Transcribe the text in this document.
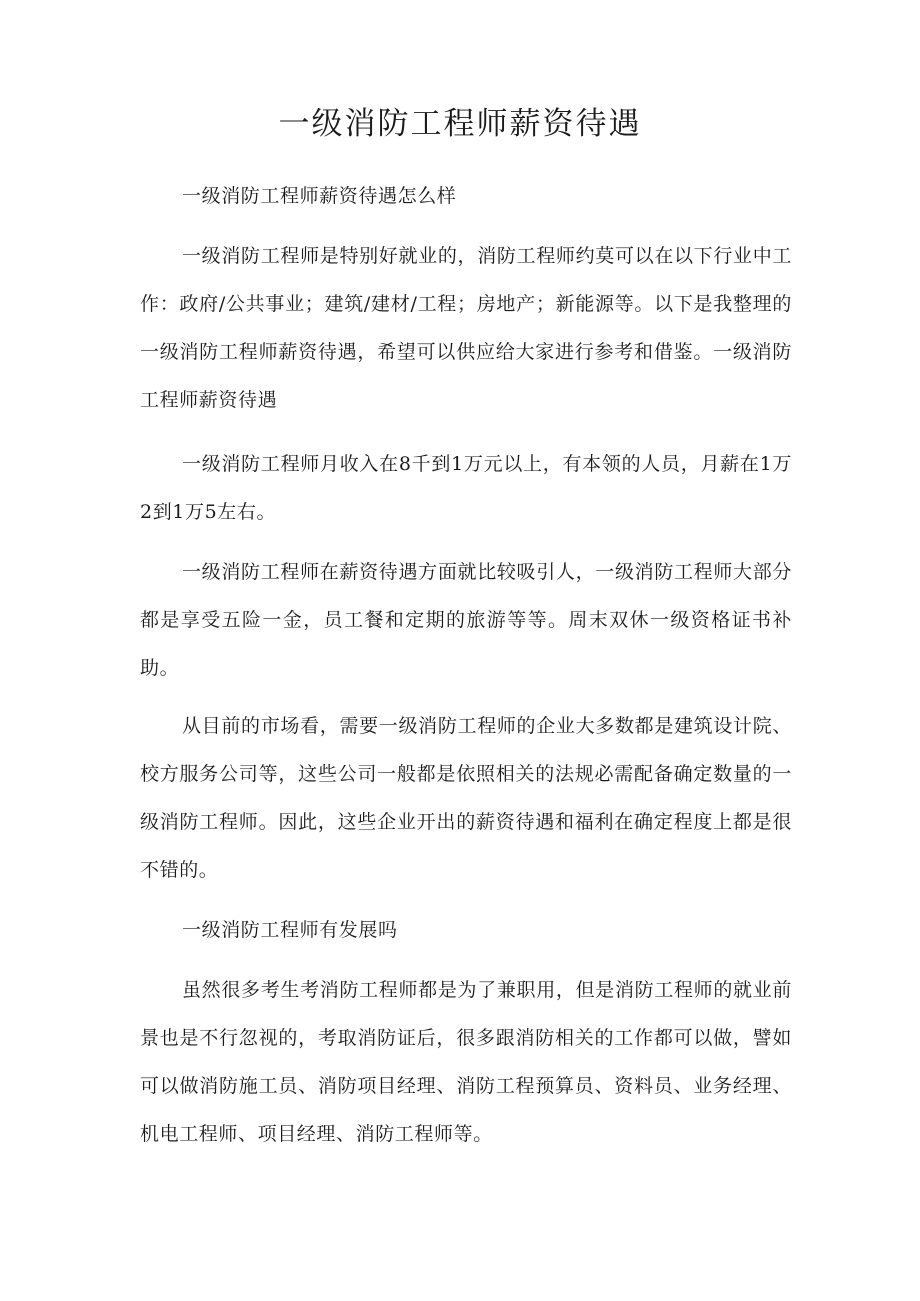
一级消防工程师薪资待遇

一级消防工程师薪资待遇怎么样

一级消防工程师是特别好就业的，消防工程师约莫可以在以下行业中工作：政府/公共事业；建筑/建材/工程；房地产；新能源等。以下是我整理的一级消防工程师薪资待遇，希望可以供应给大家进行参考和借鉴。一级消防工程师薪资待遇

一级消防工程师月收入在8千到1万元以上，有本领的人员，月薪在1万2到1万5左右。

一级消防工程师在薪资待遇方面就比较吸引人，一级消防工程师大部分都是享受五险一金，员工餐和定期的旅游等等。周末双休一级资格证书补助。

从目前的市场看，需要一级消防工程师的企业大多数都是建筑设计院、校方服务公司等，这些公司一般都是依照相关的法规必需配备确定数量的一级消防工程师。因此，这些企业开出的薪资待遇和福利在确定程度上都是很不错的。

一级消防工程师有发展吗

虽然很多考生考消防工程师都是为了兼职用，但是消防工程师的就业前景也是不行忽视的，考取消防证后，很多跟消防相关的工作都可以做，譬如可以做消防施工员、消防项目经理、消防工程预算员、资料员、业务经理、机电工程师、项目经理、消防工程师等。
